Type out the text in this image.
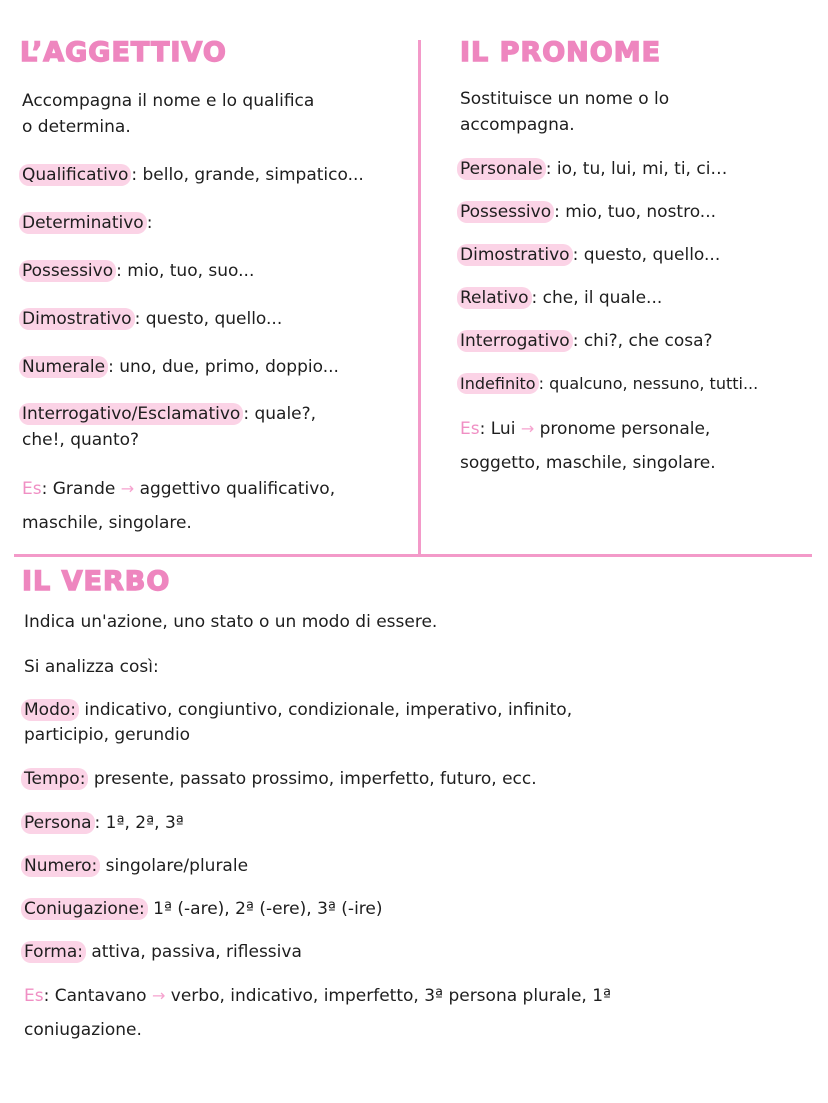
L’AGGETTIVO
Accompagna il nome e lo qualifica
o determina.
Qualificativo : bello, grande, simpatico...
Determinativo :
Possessivo : mio, tuo, suo...
Dimostrativo : questo, quello...
Numerale : uno, due, primo, doppio...
Interrogativo/Esclamativo : quale?,
che!, quanto?
Es: Grande → aggettivo qualificativo,
maschile, singolare.
IL PRONOME
Sostituisce un nome o lo
accompagna.
Personale : io, tu, lui, mi, ti, ci…
Possessivo : mio, tuo, nostro...
Dimostrativo : questo, quello...
Relativo : che, il quale...
Interrogativo : chi?, che cosa?
Indefinito : qualcuno, nessuno, tutti...
Es: Lui → pronome personale,
soggetto, maschile, singolare.
IL VERBO
Indica un'azione, uno stato o un modo di essere.
Si analizza così:
Modo: indicativo, congiuntivo, condizionale, imperativo, infinito,
participio, gerundio
Tempo: presente, passato prossimo, imperfetto, futuro, ecc.
Persona : 1ª, 2ª, 3ª
Numero: singolare/plurale
Coniugazione: 1ª (-are), 2ª (-ere), 3ª (-ire)
Forma: attiva, passiva, riflessiva
Es: Cantavano → verbo, indicativo, imperfetto, 3ª persona plurale, 1ª
coniugazione.
